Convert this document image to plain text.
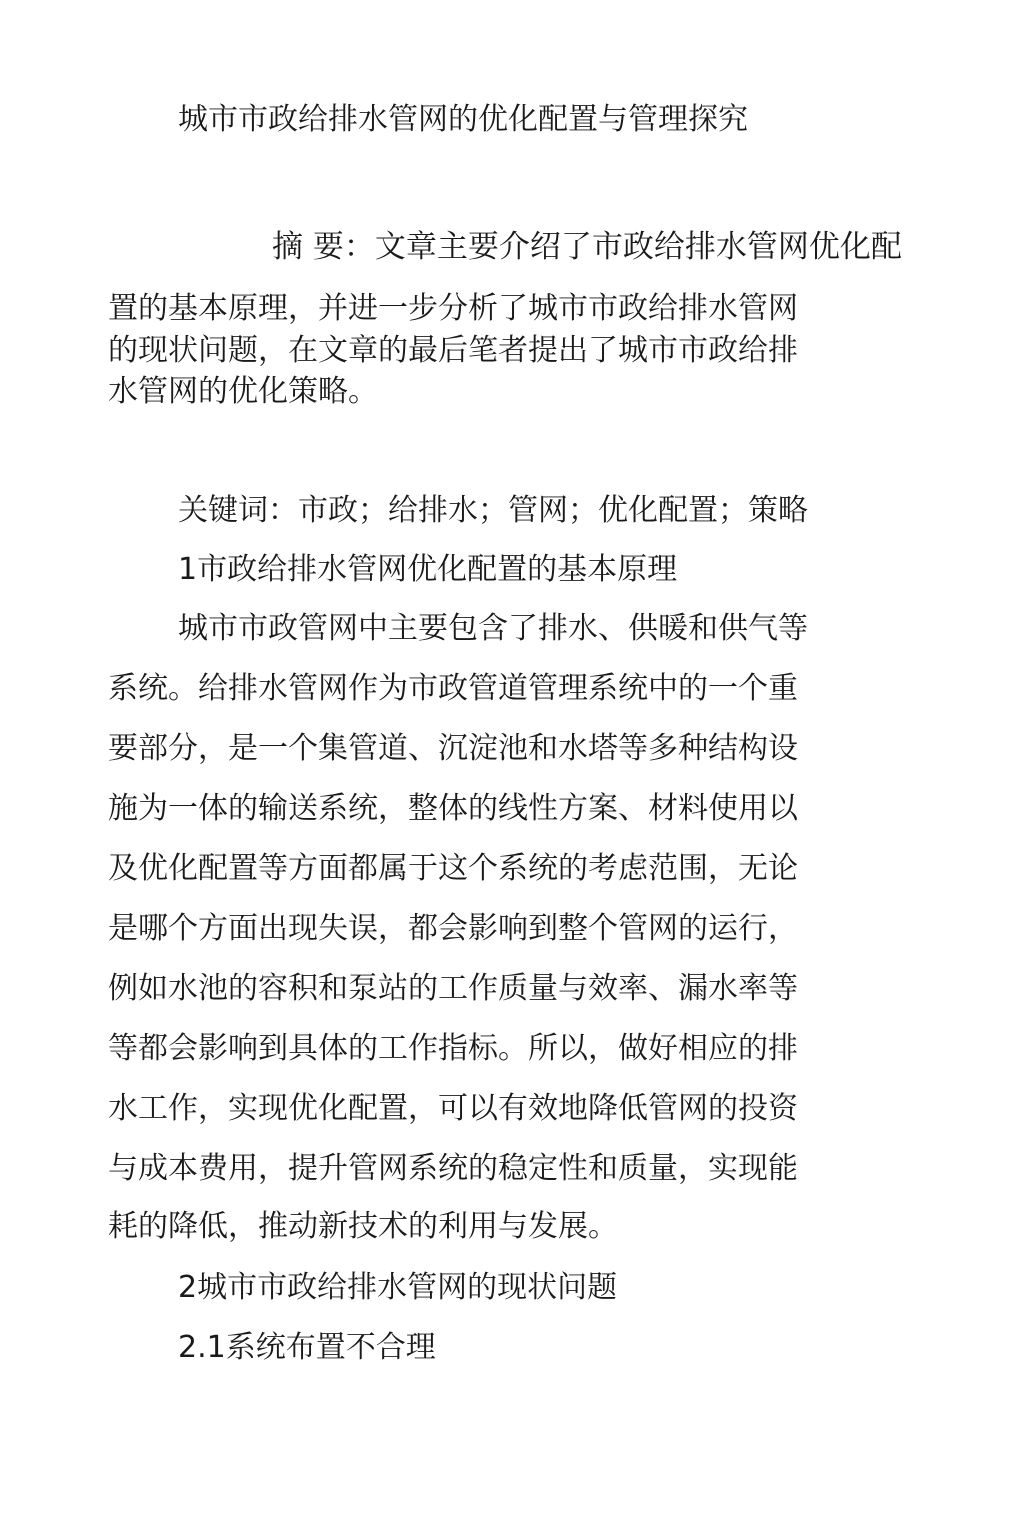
城市市政给排水管网的优化配置与管理探究
摘 要：文章主要介绍了市政给排水管网优化配
置的基本原理，并进一步分析了城市市政给排水管网
的现状问题，在文章的最后笔者提出了城市市政给排
水管网的优化策略。
关键词：市政；给排水；管网；优化配置；策略
1市政给排水管网优化配置的基本原理
城市市政管网中主要包含了排水、供暖和供气等
系统。给排水管网作为市政管道管理系统中的一个重
要部分，是一个集管道、沉淀池和水塔等多种结构设
施为一体的输送系统，整体的线性方案、材料使用以
及优化配置等方面都属于这个系统的考虑范围，无论
是哪个方面出现失误，都会影响到整个管网的运行，
例如水池的容积和泵站的工作质量与效率、漏水率等
等都会影响到具体的工作指标。所以，做好相应的排
水工作，实现优化配置，可以有效地降低管网的投资
与成本费用，提升管网系统的稳定性和质量，实现能
耗的降低，推动新技术的利用与发展。
2城市市政给排水管网的现状问题
2.1系统布置不合理
